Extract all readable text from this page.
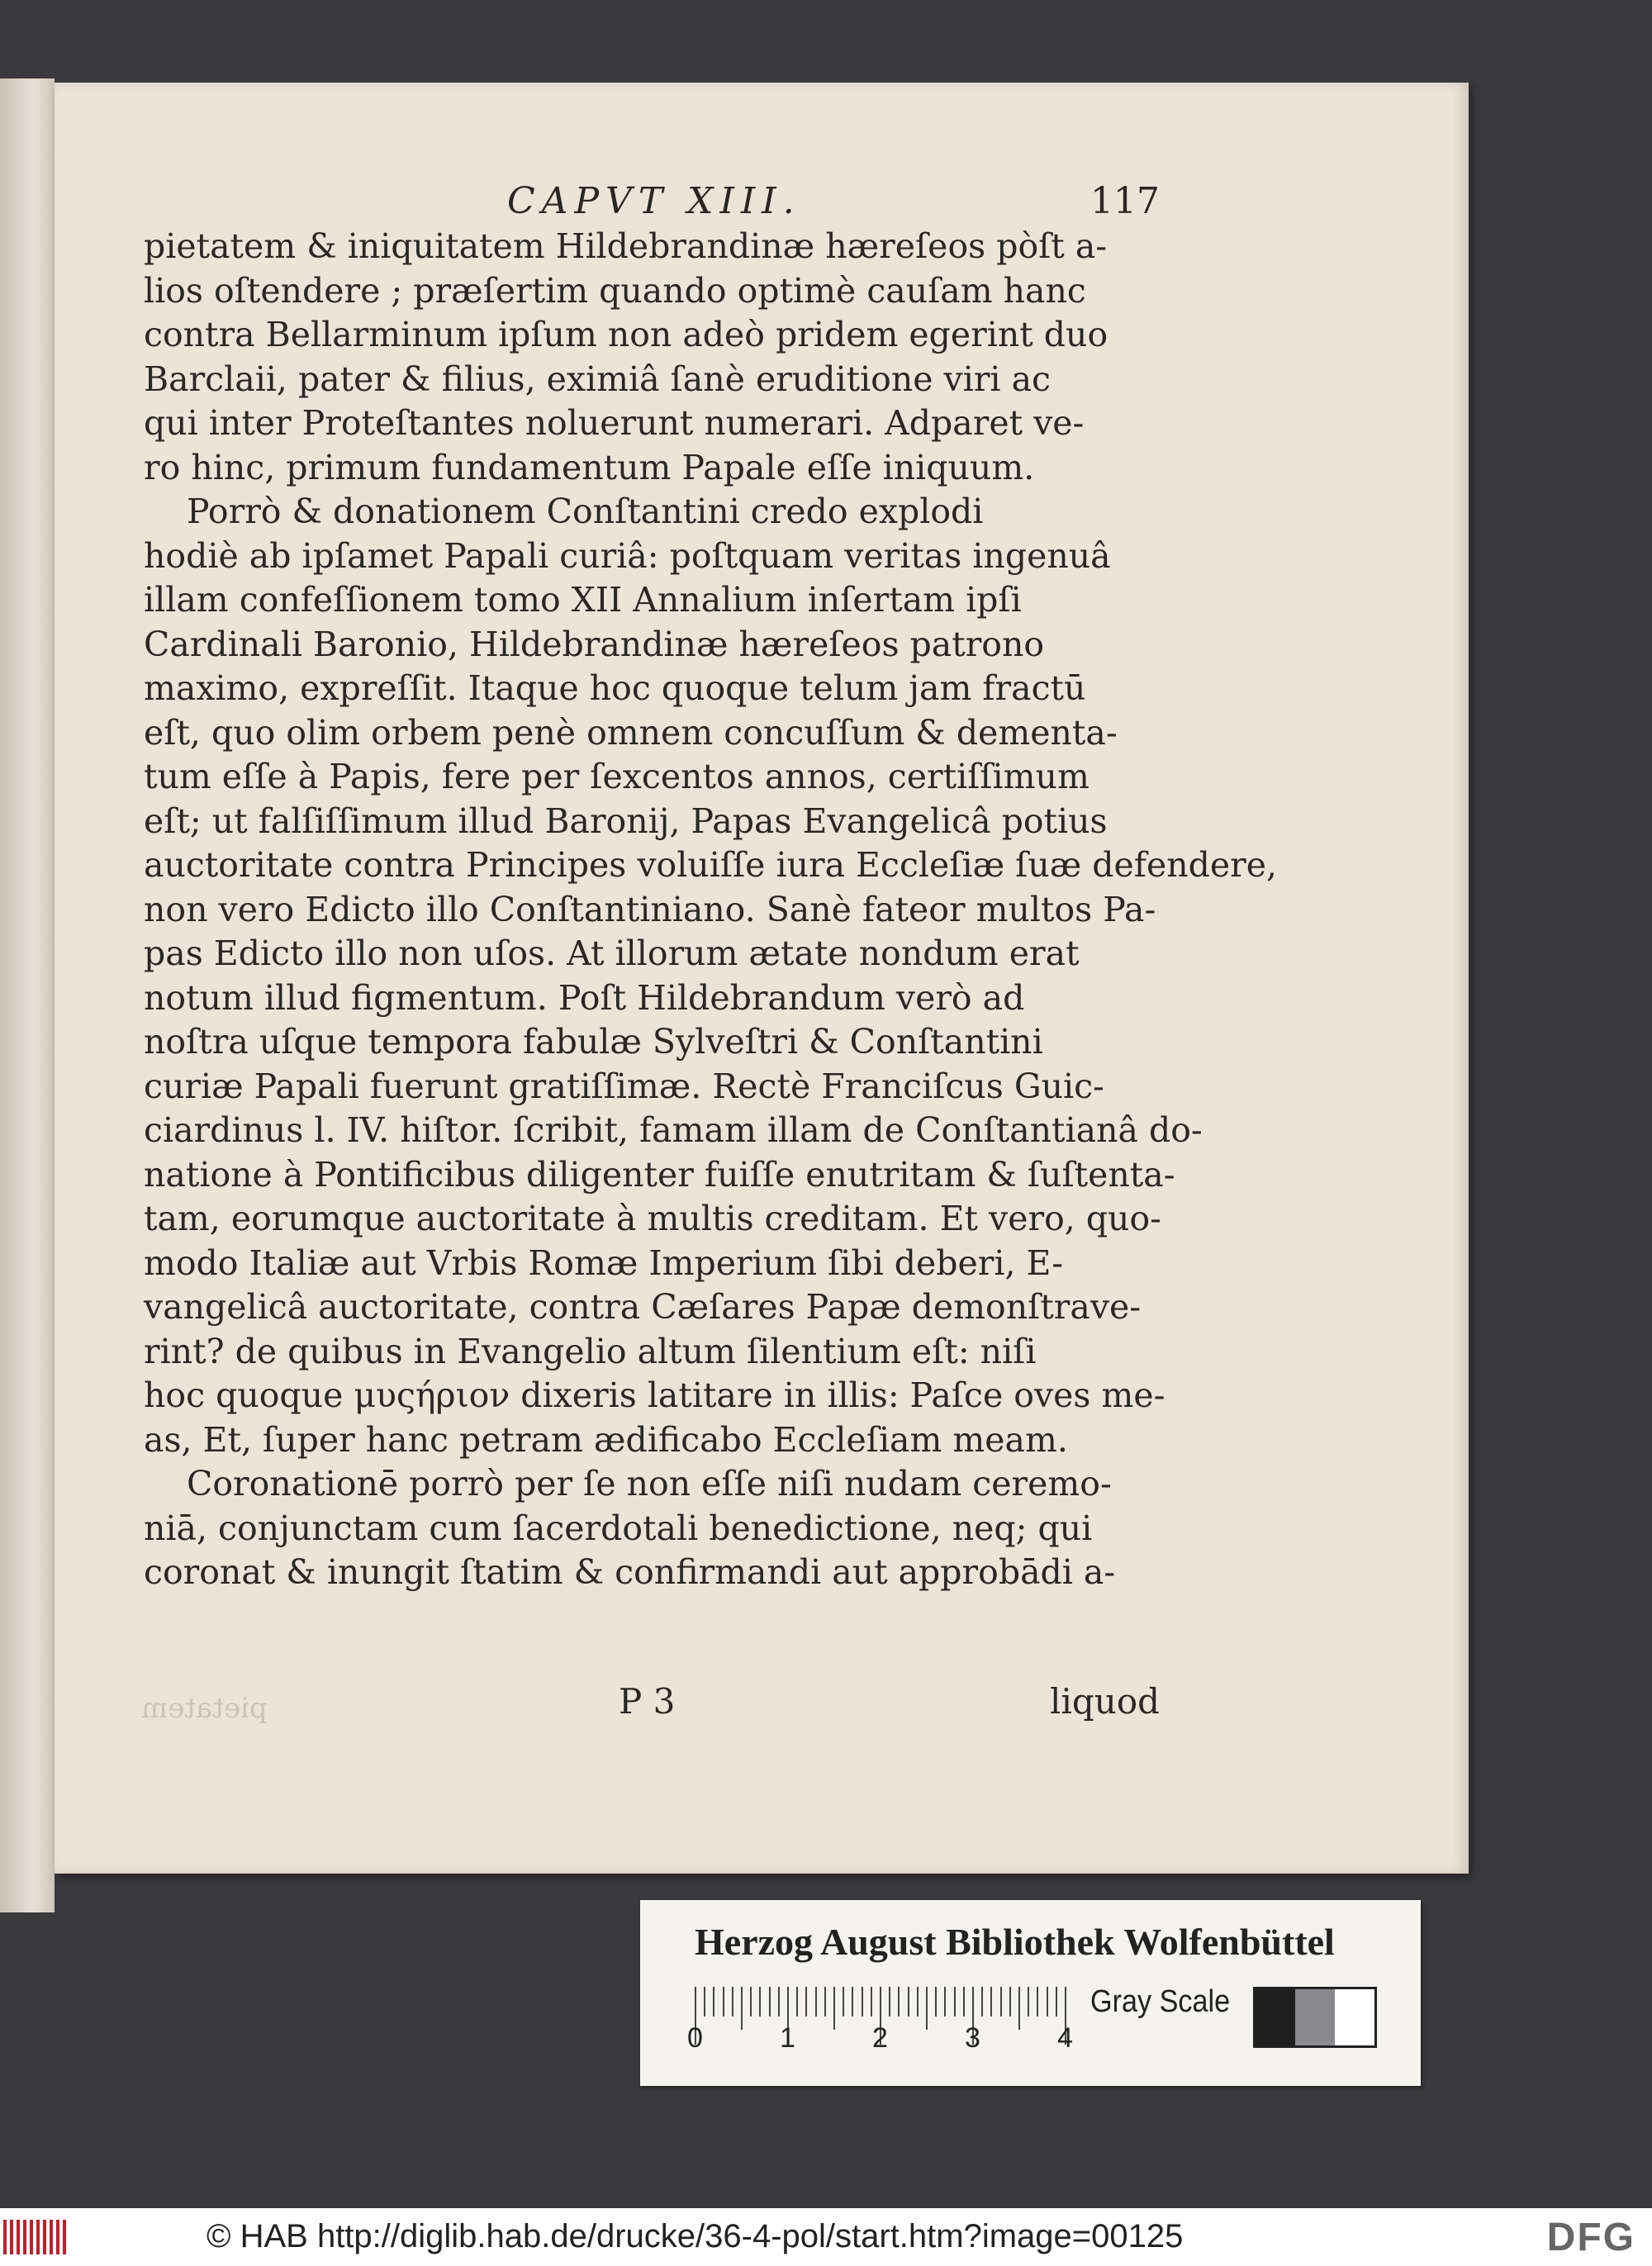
CAPVT XIII.	117
pietatem & iniquitatem Hildebrandinæ hæreſeos pòſt a-
lios oſtendere ; præſertim quando optimè cauſam hanc
contra Bellarminum ipſum non adeò pridem egerint duo
Barclaii, pater & filius, eximiâ ſanè eruditione viri ac
qui inter Proteſtantes noluerunt numerari. Adparet ve-
ro hinc, primum fundamentum Papale eſſe iniquum.
Porrò & donationem Conſtantini credo explodi
hodiè ab ipſamet Papali curiâ: poſtquam veritas ingenuâ
illam confeſſionem tomo XII Annalium inſertam ipſi
Cardinali Baronio, Hildebrandinæ hæreſeos patrono
maximo, expreſſit. Itaque hoc quoque telum jam fractū
eſt, quo olim orbem penè omnem concuſſum & dementa-
tum eſſe à Papis, fere per ſexcentos annos, certiſſimum
eſt; ut falſiſſimum illud Baronij, Papas Evangelicâ potius
auctoritate contra Principes voluiſſe iura Eccleſiæ ſuæ defendere,
non vero Edicto illo Conſtantiniano. Sanè fateor multos Pa-
pas Edicto illo non uſos. At illorum ætate nondum erat
notum illud figmentum. Poſt Hildebrandum verò ad
noſtra uſque tempora fabulæ Sylveſtri & Conſtantini
curiæ Papali fuerunt gratiſſimæ. Rectè Franciſcus Guic-
ciardinus l. IV. hiſtor. ſcribit, famam illam de Conſtantianâ do-
natione à Pontificibus diligenter fuiſſe enutritam & ſuſtenta-
tam, eorumque auctoritate à multis creditam. Et vero, quo-
modo Italiæ aut Vrbis Romæ Imperium ſibi deberi, E-
vangelicâ auctoritate, contra Cæſares Papæ demonſtrave-
rint? de quibus in Evangelio altum ſilentium eſt: niſi
hoc quoque μυςήριον dixeris latitare in illis: Paſce oves me-
as, Et, ſuper hanc petram ædificabo Eccleſiam meam.
Coronationē porrò per ſe non eſſe niſi nudam ceremo-
niā, conjunctam cum ſacerdotali benedictione, neq; qui
coronat & inungit ſtatim & confirmandi aut approbādi a-
P 3	liquod
pietatem
Herzog August Bibliothek Wolfenbüttel
Gray Scale
0	1	2	3	4
© HAB http://diglib.hab.de/drucke/36-4-pol/start.htm?image=00125	DFG
